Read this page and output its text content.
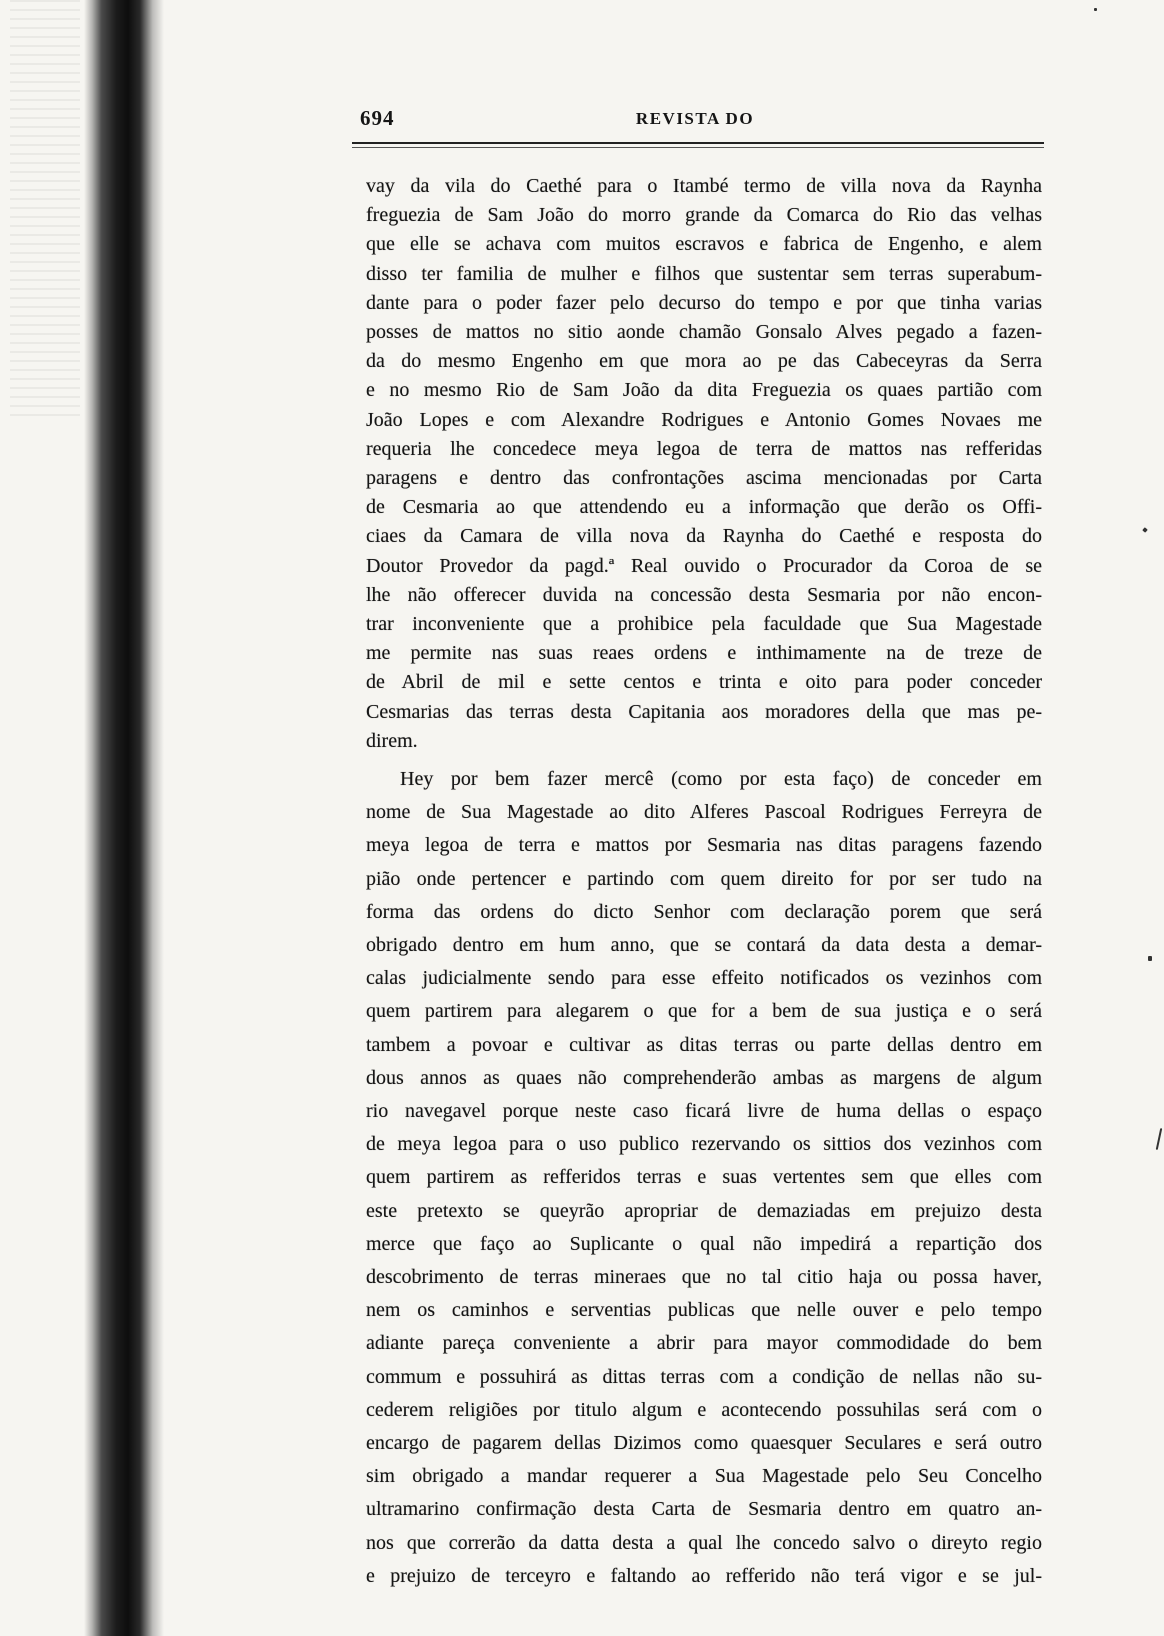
694	REVISTA DO
vay da vila do Caethé para o Itambé termo de villa nova da Raynha
freguezia de Sam João do morro grande da Comarca do Rio das velhas
que elle se achava com muitos escravos e fabrica de Engenho, e alem
disso ter familia de mulher e filhos que sustentar sem terras superabum-
dante para o poder fazer pelo decurso do tempo e por que tinha varias
posses de mattos no sitio aonde chamão Gonsalo Alves pegado a fazen-
da do mesmo Engenho em que mora ao pe das Cabeceyras da Serra
e no mesmo Rio de Sam João da dita Freguezia os quaes partião com
João Lopes e com Alexandre Rodrigues e Antonio Gomes Novaes me
requeria lhe concedece meya legoa de terra de mattos nas refferidas
paragens e dentro das confrontações ascima mencionadas por Carta
de Cesmaria ao que attendendo eu a informação que derão os Offi-
ciaes da Camara de villa nova da Raynha do Caethé e resposta do
Doutor Provedor da pagd.ª Real ouvido o Procurador da Coroa de se
lhe não offerecer duvida na concessão desta Sesmaria por não encon-
trar inconveniente que a prohibice pela faculdade que Sua Magestade
me permite nas suas reaes ordens e inthimamente na de treze de
de Abril de mil e sette centos e trinta e oito para poder conceder
Cesmarias das terras desta Capitania aos moradores della que mas pe-
direm.
Hey por bem fazer mercê (como por esta faço) de conceder em
nome de Sua Magestade ao dito Alferes Pascoal Rodrigues Ferreyra de
meya legoa de terra e mattos por Sesmaria nas ditas paragens fazendo
pião onde pertencer e partindo com quem direito for por ser tudo na
forma das ordens do dicto Senhor com declaração porem que será
obrigado dentro em hum anno, que se contará da data desta a demar-
calas judicialmente sendo para esse effeito notificados os vezinhos com
quem partirem para alegarem o que for a bem de sua justiça e o será
tambem a povoar e cultivar as ditas terras ou parte dellas dentro em
dous annos as quaes não comprehenderão ambas as margens de algum
rio navegavel porque neste caso ficará livre de huma dellas o espaço
de meya legoa para o uso publico rezervando os sittios dos vezinhos com
quem partirem as refferidos terras e suas vertentes sem que elles com
este pretexto se queyrão apropriar de demaziadas em prejuizo desta
merce que faço ao Suplicante o qual não impedirá a repartição dos
descobrimento de terras mineraes que no tal citio haja ou possa haver,
nem os caminhos e serventias publicas que nelle ouver e pelo tempo
adiante pareça conveniente a abrir para mayor commodidade do bem
commum e possuhirá as dittas terras com a condição de nellas não su-
cederem religiões por titulo algum e acontecendo possuhilas será com o
encargo de pagarem dellas Dizimos como quaesquer Seculares e será outro
sim obrigado a mandar requerer a Sua Magestade pelo Seu Concelho
ultramarino confirmação desta Carta de Sesmaria dentro em quatro an-
nos que correrão da datta desta a qual lhe concedo salvo o direyto regio
e prejuizo de terceyro e faltando ao refferido não terá vigor e se jul-
